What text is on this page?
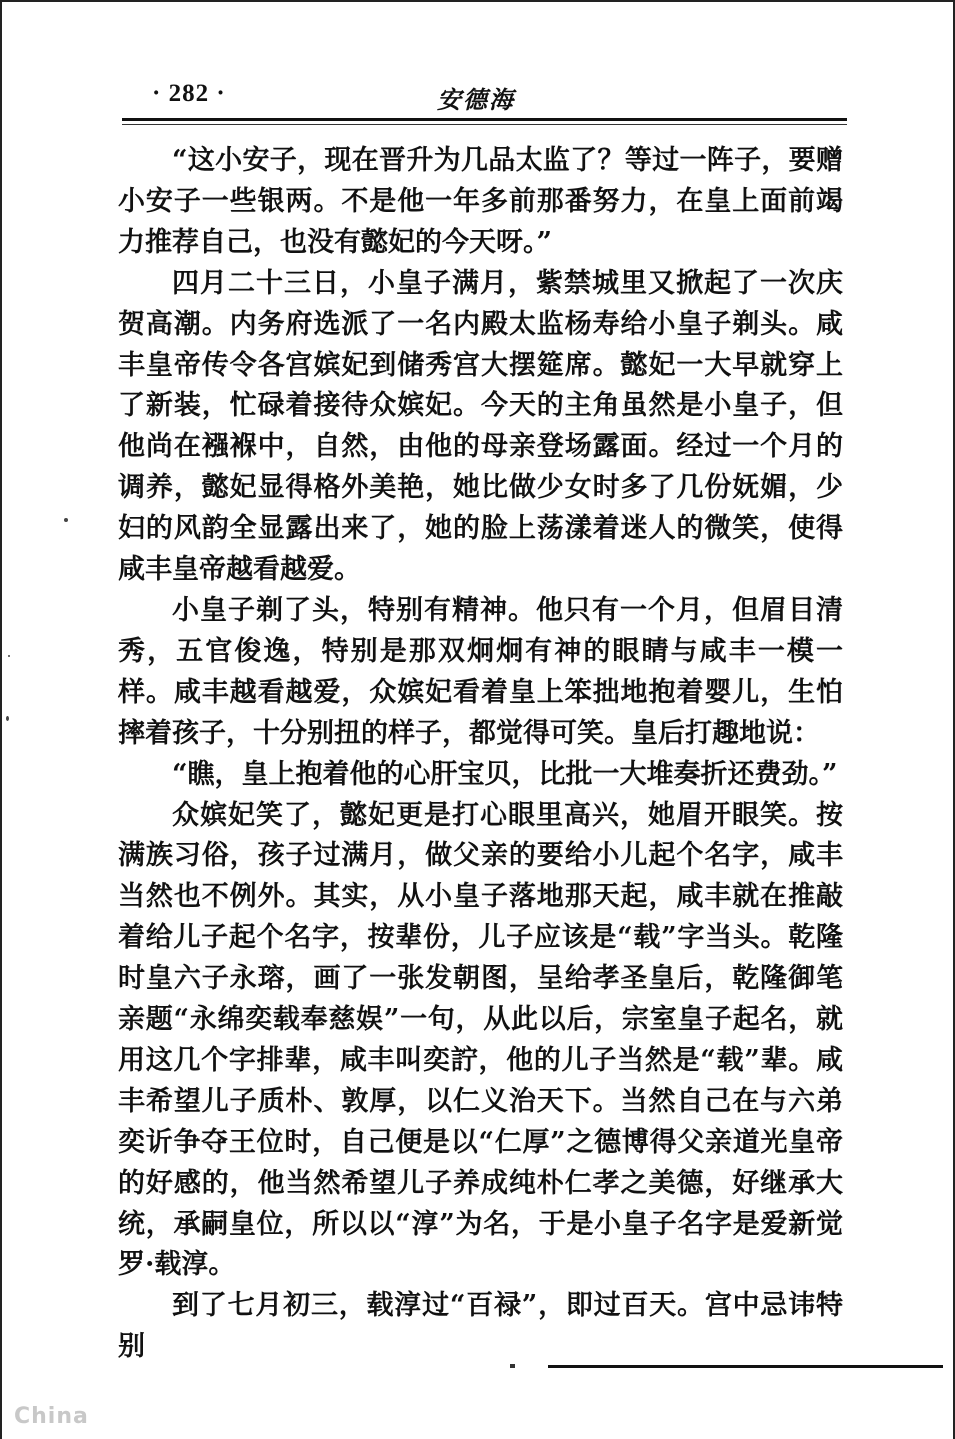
· 282 ·	安德海

“这小安子，现在晋升为几品太监了？等过一阵子，要赠小安子一些银两。不是他一年多前那番努力，在皇上面前竭力推荐自己，也没有懿妃的今天呀。”

四月二十三日，小皇子满月，紫禁城里又掀起了一次庆贺高潮。内务府选派了一名内殿太监杨寿给小皇子剃头。咸丰皇帝传令各宫嫔妃到储秀宫大摆筵席。懿妃一大早就穿上了新装，忙碌着接待众嫔妃。今天的主角虽然是小皇子，但他尚在襁褓中，自然，由他的母亲登场露面。经过一个月的调养，懿妃显得格外美艳，她比做少女时多了几份妩媚，少妇的风韵全显露出来了，她的脸上荡漾着迷人的微笑，使得咸丰皇帝越看越爱。

小皇子剃了头，特别有精神。他只有一个月，但眉目清秀，五官俊逸，特别是那双炯炯有神的眼睛与咸丰一模一样。咸丰越看越爱，众嫔妃看着皇上笨拙地抱着婴儿，生怕摔着孩子，十分别扭的样子，都觉得可笑。皇后打趣地说：

“瞧，皇上抱着他的心肝宝贝，比批一大堆奏折还费劲。”

众嫔妃笑了，懿妃更是打心眼里高兴，她眉开眼笑。按满族习俗，孩子过满月，做父亲的要给小儿起个名字，咸丰当然也不例外。其实，从小皇子落地那天起，咸丰就在推敲着给儿子起个名字，按辈份，儿子应该是“载”字当头。乾隆时皇六子永瑢，画了一张发朝图，呈给孝圣皇后，乾隆御笔亲题“永绵奕载奉慈娱”一句，从此以后，宗室皇子起名，就用这几个字排辈，咸丰叫奕詝，他的儿子当然是“载”辈。咸丰希望儿子质朴、敦厚，以仁义治天下。当然自己在与六弟奕䜣争夺王位时，自己便是以“仁厚”之德博得父亲道光皇帝的好感的，他当然希望儿子养成纯朴仁孝之美德，好继承大统，承嗣皇位，所以以“淳”为名，于是小皇子名字是爱新觉罗·载淳。

到了七月初三，载淳过“百禄”，即过百天。宫中忌讳特别

China
